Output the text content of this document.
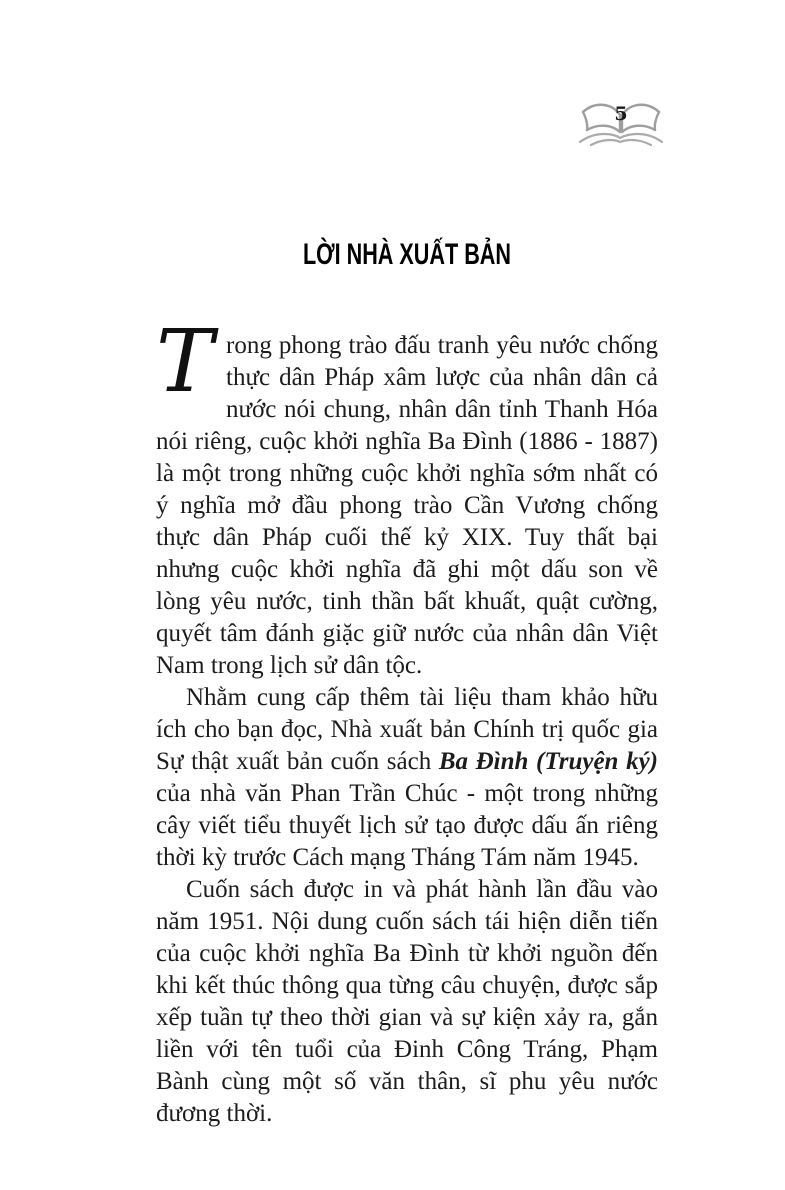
5
LỜI NHÀ XUẤT BẢN

Trong phong trào đấu tranh yêu nước chống thực dân Pháp xâm lược của nhân dân cả nước nói chung, nhân dân tỉnh Thanh Hóa nói riêng, cuộc khởi nghĩa Ba Đình (1886 - 1887) là một trong những cuộc khởi nghĩa sớm nhất có ý nghĩa mở đầu phong trào Cần Vương chống thực dân Pháp cuối thế kỷ XIX. Tuy thất bại nhưng cuộc khởi nghĩa đã ghi một dấu son về lòng yêu nước, tinh thần bất khuất, quật cường, quyết tâm đánh giặc giữ nước của nhân dân Việt Nam trong lịch sử dân tộc.

Nhằm cung cấp thêm tài liệu tham khảo hữu ích cho bạn đọc, Nhà xuất bản Chính trị quốc gia Sự thật xuất bản cuốn sách Ba Đình (Truyện ký) của nhà văn Phan Trần Chúc - một trong những cây viết tiểu thuyết lịch sử tạo được dấu ấn riêng thời kỳ trước Cách mạng Tháng Tám năm 1945.

Cuốn sách được in và phát hành lần đầu vào năm 1951. Nội dung cuốn sách tái hiện diễn tiến của cuộc khởi nghĩa Ba Đình từ khởi nguồn đến khi kết thúc thông qua từng câu chuyện, được sắp xếp tuần tự theo thời gian và sự kiện xảy ra, gắn liền với tên tuổi của Đinh Công Tráng, Phạm Bành cùng một số văn thân, sĩ phu yêu nước đương thời.
